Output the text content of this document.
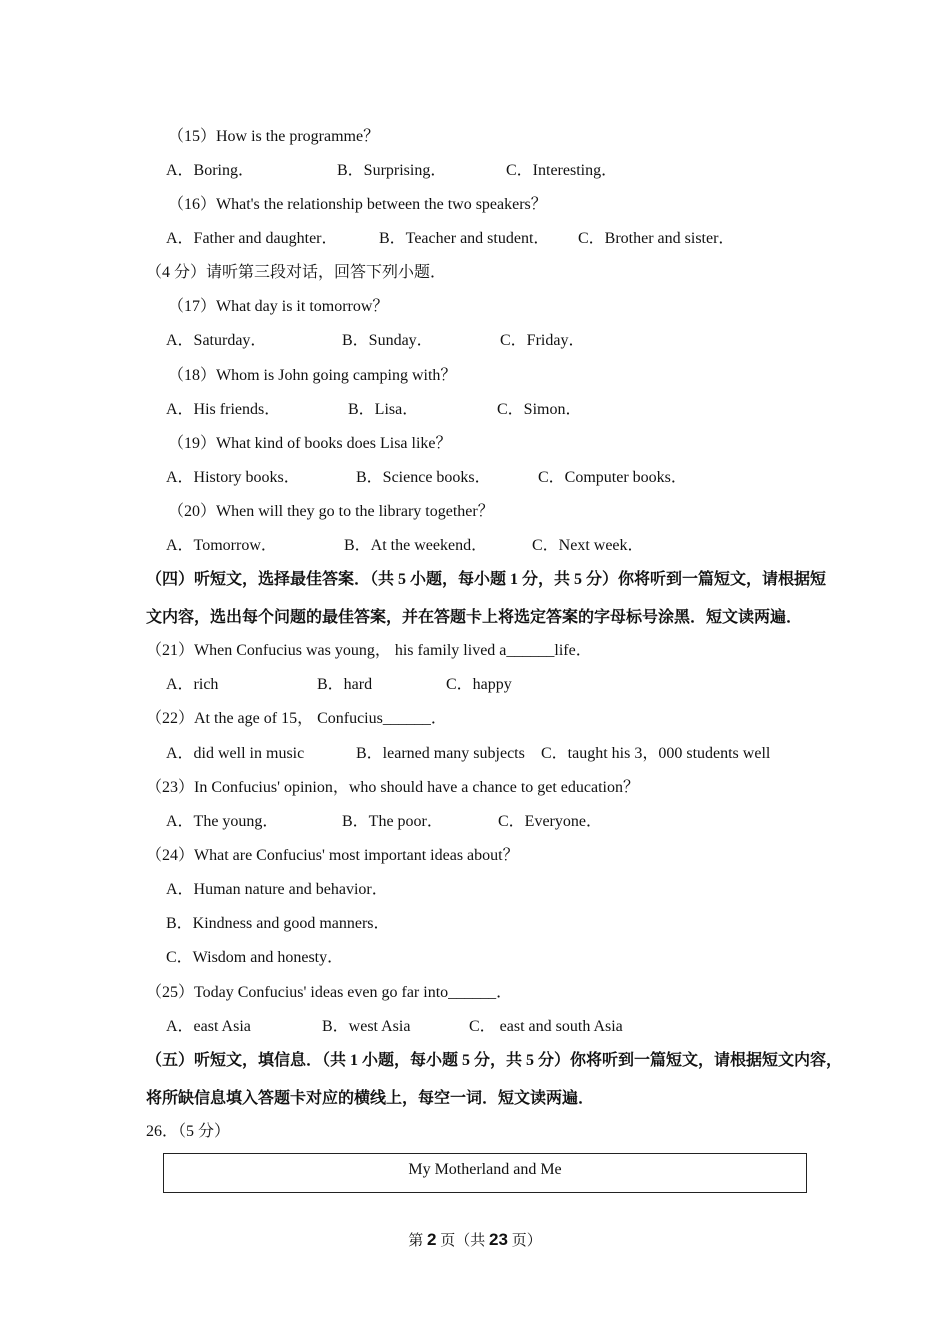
（15）How is the programme？
A．Boring．	B．Surprising．	C．Interesting．
（16）What's the relationship between the two speakers？
A．Father and daughter．	B．Teacher and student． C．Brother and sister．
（4 分）请听第三段对话，回答下列小题．
（17）What day is it tomorrow？
A．Saturday．	B．Sunday．	C．Friday．
（18）Whom is John going camping with？
A．His friends．	B．Lisa．	C．Simon．
（19）What kind of books does Lisa like？
A．History books．	B．Science books．	C．Computer books．
（20）When will they go to the library together？
A．Tomorrow．	B．At the weekend．	C．Next week．
（四）听短文，选择最佳答案．（共 5 小题，每小题 1 分，共 5 分）你将听到一篇短文，请根据短
文内容，选出每个问题的最佳答案，并在答题卡上将选定答案的字母标号涂黑．短文读两遍．
（21）When Confucius was young， his family lived a______life．
A．rich	B．hard	C．happy
（22）At the age of 15， Confucius______．
A．did well in music	B．learned many subjects C．taught his 3，000 students well
（23）In Confucius' opinion，who should have a chance to get education？
A．The young．	B．The poor．	C．Everyone．
（24）What are Confucius' most important ideas about？
A．Human nature and behavior．
B．Kindness and good manners．
C．Wisdom and honesty．
（25）Today Confucius' ideas even go far into______．
A．east Asia	B．west Asia	C． east and south Asia
（五）听短文，填信息．（共 1 小题，每小题 5 分，共 5 分）你将听到一篇短文，请根据短文内容，
将所缺信息填入答题卡对应的横线上，每空一词．短文读两遍．
26．（5 分）
My Motherland and Me
第 2 页（共 23 页）
